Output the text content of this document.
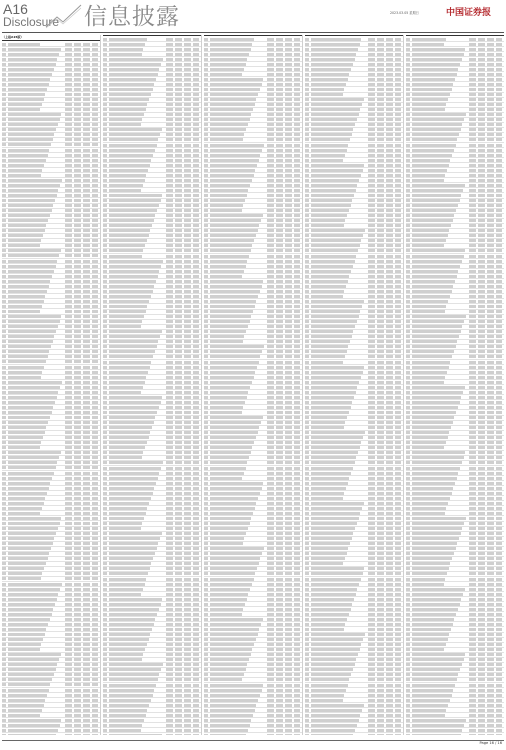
A16
Disclosure 信息披露	2023.03.05 星期日	中国证券报
（上接A15版）
Page 16 / 16
